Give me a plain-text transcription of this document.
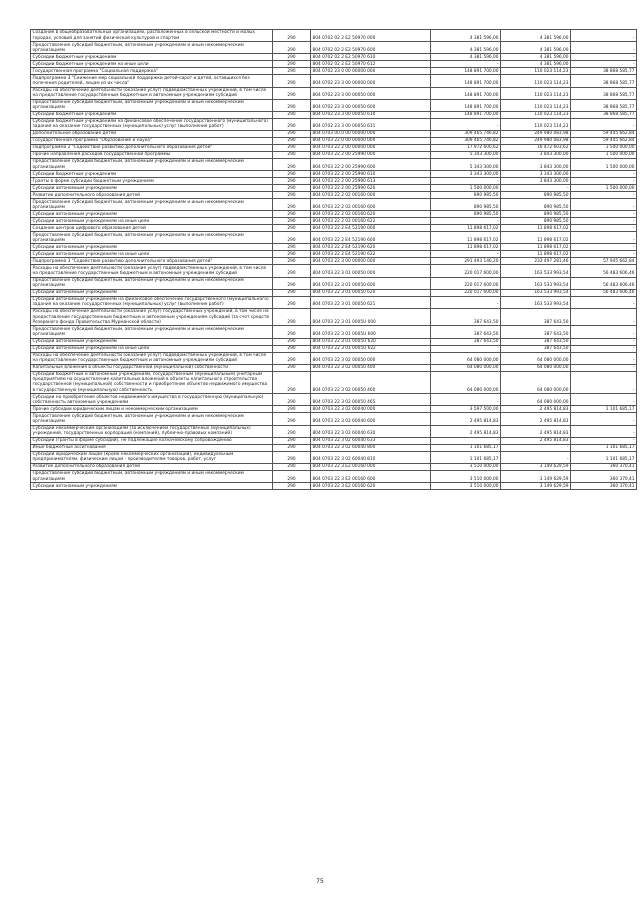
Создание в общеобразовательных организациях, расположенных в сельской местности и малых городах, условий для занятий физической культурой и спортом	290	804 0702 02 2 Е2 50970 000	4 381 596,00	4 381 596,00	-
Предоставление субсидий бюджетным, автономным учреждениям и иным некоммерческим организациям	290	804 0702 02 2 Е2 50970 600	4 381 596,00	4 381 596,00	-
Субсидии бюджетным учреждениям	290	804 0702 02 2 Е2 50970 610	4 381 596,00	4 381 596,00	-
Субсидии бюджетным учреждениям на иные цели	290	804 0702 02 2 Е2 50970 612	-	4 381 596,00	-
Государственная программа "Социальная поддержка"	290	804 0702 23 0 00 00000 000	148 891 700,00	110 023 114,23	38 868 585,77
Подпрограмма 3 "Снижение мер социальной поддержки детей-сирот и детей, оставшихся без попечения родителей, лицам из их числа"	290	804 0702 23 3 00 00000 000	148 891 700,00	110 023 114,23	38 868 585,77
Расходы на обеспечение деятельности (оказание услуг) подведомственных учреждений, в том числе на предоставление государственным бюджетным и автономным учреждениям субсидий	290	804 0702 23 3 00 00050 000	148 891 700,00	110 023 114,23	38 868 585,77
Предоставление субсидий бюджетным, автономным учреждениям и иным некоммерческим организациям	290	804 0702 23 3 00 00050 600	148 891 700,00	110 023 114,23	38 868 585,77
Субсидии бюджетным учреждениям	290	804 0702 23 3 00 00050 610	148 891 700,00	110 023 114,23	38 868 585,77
Субсидии бюджетным учреждениям на финансовое обеспечение государственного (муниципального) задания на оказание государственных (муниципальных) услуг (выполнение работ)	290	804 0702 23 3 00 00050 611	-	110 023 114,23	-
Дополнительное образование детей	290	804 0703 00 0 00 00000 000	309 465 746,82	249 980 083,98	59 445 662,84
Государственная программа "Образование и наука"	290	804 0703 22 0 00 00000 000	309 465 746,82	249 980 083,98	59 445 662,84
Подпрограмма 2 "Содействие развитию дополнительного образования детей"	290	804 0703 22 2 00 00000 000	17 972 600,62	16 472 603,62	1 500 000,00
Прочие направления расходов государственной программы	290	804 0703 22 2 00 25990 000	5 343 300,00	3 843 300,00	1 500 000,00
Предоставление субсидий бюджетным, автономным учреждениям и иным некоммерческим организациям	290	804 0703 22 2 00 25990 600	5 343 300,00	3 843 300,00	1 500 000,00
Субсидии бюджетным учреждениям	290	804 0703 22 2 00 25990 610	3 343 300,00	3 343 300,00	-
Гранты в форме субсидии бюджетным учреждениям	290	804 0703 22 2 00 25990 613	-	3 843 300,00	-
Субсидии автономным учреждениям	290	804 0703 22 2 00 25990 620	1 500 000,00	-	1 500 000,00
Развитие дополнительного образования детей	290	804 0703 22 2 02 00160 000	890 985,50	890 985,50	-
Предоставление субсидий бюджетным, автономным учреждениям и иным некоммерческим организациям	290	804 0703 22 2 02 00160 600	890 985,50	890 985,50	-
Субсидии автономным учреждениям	290	804 0703 22 2 02 00160 620	890 985,50	890 985,50	-
Субсидии автономным учреждениям на иные цели	290	804 0703 22 2 02 00160 622	-	890 985,50	-
Создание центров цифрового образования детей	290	804 0703 22 2 Е4 52190 000	11 898 617,02	11 898 617,02	-
Предоставление субсидий бюджетным, автономным учреждениям и иным некоммерческим организациям	290	804 0703 22 2 Е4 52190 600	11 898 617,02	11 898 617,02	-
Субсидии автономным учреждениям	290	804 0703 22 2 Е4 52190 620	11 898 617,02	11 898 617,02	-
Субсидии автономным учреждениям на иные цели	290	804 0703 22 2 Е4 52190 622	-	11 898 617,02	-
Подпрограмма 3 "Содействие развитию дополнительного образования детей"	290	804 0703 22 3 00 00000 000	291 493 146,20	233 497 281,46	57 945 662,84
Расходы на обеспечение деятельности (оказание услуг) подведомственных учреждений, в том числе на предоставление государственным бюджетным и автономным учреждениям субсидий	290	804 0703 22 3 01 00050 000	220 017 600,00	163 533 993,54	56 483 606,46
Предоставление субсидий бюджетным, автономным учреждениям и иным некоммерческим организациям	290	804 0703 22 3 01 00050 600	220 017 600,00	163 533 993,54	56 483 606,46
Субсидии автономным учреждениям	290	804 0703 22 3 01 00050 620	220 017 600,00	163 533 993,54	56 483 606,46
Субсидии автономным учреждениям на финансовое обеспечение государственного (муниципального) задания на оказание государственных (муниципальных) услуг (выполнение работ)	290	804 0703 22 3 01 00050 621	-	163 533 993,54	-
Расходы на обеспечение деятельности (оказание услуг) государственных учреждений, в том числе на предоставление государственным бюджетным и автономным учреждениям субсидий (за счет средств Резервного фонда Правительства Мурманской области)	290	804 0703 22 3 01 0005U 000	387 643,50	387 643,50	-
Предоставление субсидий бюджетным, автономным учреждениям и иным некоммерческим организациям	290	804 0703 22 3 01 0005U 600	387 643,50	387 643,50	-
Субсидии автономным учреждениям	290	804 0703 22 3 01 0005U 620	387 643,50	387 643,50	-
Субсидии автономным учреждениям на иные цели	290	804 0703 22 3 01 0005U 622	-	387 643,50	-
Расходы на обеспечение деятельности (оказание услуг) подведомственных учреждений, в том числе на предоставление государственным бюджетным и автономным учреждениям субсидий	290	804 0703 22 3 02 00050 000	64 080 000,00	64 080 000,00	-
Капитальные вложения в объекты государственной (муниципальной) собственности	290	804 0703 22 3 02 00050 400	64 080 000,00	64 080 000,00	-
Субсидии бюджетным и автономным учреждениям, государственным (муниципальным) унитарным предприятиям на осуществление капитальных вложений в объекты капитального строительства государственной (муниципальной) собственности и приобретение объектов недвижимого имущества в государственную (муниципальную) собственность	290	804 0703 22 3 02 00050 460	64 080 000,00	64 080 000,00	-
Субсидии на приобретение объектов недвижимого имущества в государственную (муниципальную) собственность автономным учреждениям	290	804 0703 22 3 02 00050 465	-	64 080 000,00	-
Прочие субсидии юридическим лицам и некоммерческим организациям	290	804 0703 22 3 02 60040 000	3 597 500,00	2 495 814,83	1 101 685,17
Предоставление субсидий бюджетным, автономным учреждениям и иным некоммерческим организациям	290	804 0703 22 3 02 60040 600	2 495 814,83	2 495 814,83	-
Субсидии некоммерческим организациям (за исключением государственных (муниципальных) учреждений, государственных корпораций (компаний), публично-правовых компаний)	290	804 0703 22 3 02 60040 630	2 495 814,83	2 495 814,83	-
Субсидии (гранты в форме субсидий), не подлежащие казначейскому сопровождению	290	804 0703 22 3 02 60040 633	-	2 495 814,83	-
Иные бюджетные ассигнования	290	804 0703 22 3 02 60040 800	1 101 685,17	-	1 101 685,17
Субсидии юридическим лицам (кроме некоммерческих организаций), индивидуальным предпринимателям, физическим лицам - производителям товаров, работ, услуг	290	804 0703 22 3 02 60040 810	1 101 685,17	-	1 101 685,17
Развитие дополнительного образования детей	290	804 0703 22 3 Е2 00160 000	3 510 000,00	3 149 629,59	360 370,41
Предоставление субсидий бюджетным, автономным учреждениям и иным некоммерческим организациям	290	804 0703 22 3 Е2 00160 600	3 510 000,00	3 149 629,59	360 370,41
Субсидии автономным учреждениям	290	804 0703 22 3 Е2 00160 620	3 510 000,00	3 149 629,59	360 370,41
75
